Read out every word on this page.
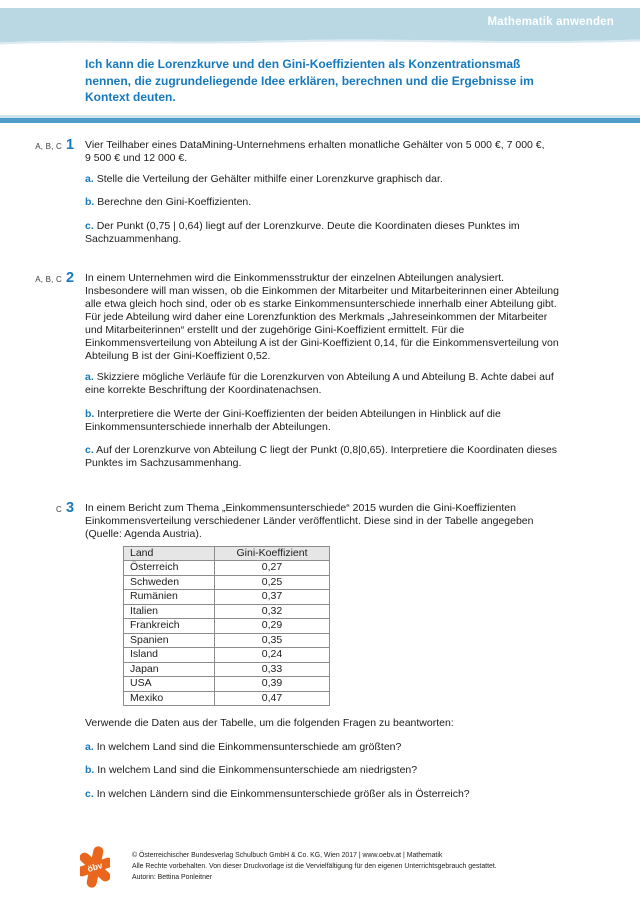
Mathematik anwenden
Ich kann die Lorenzkurve und den Gini-Koeffizienten als Konzentrationsmaß nennen, die zugrundeliegende Idee erklären, berechnen und die Ergebnisse im Kontext deuten.
A, B, C 1	Vier Teilhaber eines DataMining-Unternehmens erhalten monatliche Gehälter von 5 000 €‬, 7 000 €, 9 500 € und 12 000 €.

a. Stelle die Verteilung der Gehälter mithilfe einer Lorenzkurve graphisch dar.

b. Berechne den Gini-Koeffizienten.

c. Der Punkt (0,75 | 0,64) liegt auf der Lorenzkurve. Deute die Koordinaten dieses Punktes im Sachzuammenhang.

A, B, C 2	In einem Unternehmen wird die Einkommensstruktur der einzelnen Abteilungen analysiert. Insbesondere will man wissen, ob die Einkommen der Mitarbeiter und Mitarbeiterinnen einer Abteilung alle etwa gleich hoch sind, oder ob es starke Einkommensunterschiede innerhalb einer Abteilung gibt. Für jede Abteilung wird daher eine Lorenzfunktion des Merkmals „Jahreseinkommen der Mitarbeiter und Mitarbeiterinnen“ erstellt und der zugehörige Gini-Koeffizient ermittelt. Für die Einkommensverteilung von Abteilung A ist der Gini-Koeffizient 0,14, für die Einkommensverteilung von Abteilung B ist der Gini-Koeffizient 0,52.

a. Skizziere mögliche Verläufe für die Lorenzkurven von Abteilung A und Abteilung B. Achte dabei auf eine korrekte Beschriftung der Koordinatenachsen.

b. Interpretiere die Werte der Gini-Koeffizienten der beiden Abteilungen in Hinblick auf die Einkommensunterschiede innerhalb der Abteilungen.

c. Auf der Lorenzkurve von Abteilung C liegt der Punkt (0,8|0,65). Interpretiere die Koordinaten dieses Punktes im Sachzusammenhang.

C 3	In einem Bericht zum Thema „Einkommensunterschiede“ 2015 wurden die Gini-Koeffizienten Einkommensverteilung verschiedener Länder veröffentlicht. Diese sind in der Tabelle angegeben (Quelle: Agenda Austria).

Land	Gini-Koeffizient
Österreich	0,27
Schweden	0,25
Rumänien	0,37
Italien	0,32
Frankreich	0,29
Spanien	0,35
Island	0,24
Japan	0,33
USA	0,39
Mexiko	0,47

Verwende die Daten aus der Tabelle, um die folgenden Fragen zu beantworten:

a. In welchem Land sind die Einkommensunterschiede am größten?

b. In welchem Land sind die Einkommensunterschiede am niedrigsten?

c. In welchen Ländern sind die Einkommensunterschiede größer als in Österreich?

öbv
© Österreichischer Bundesverlag Schulbuch GmbH & Co. KG, Wien 2017 | www.oebv.at | Mathematik
Alle Rechte vorbehalten. Von dieser Druckvorlage ist die Vervielfältigung für den eigenen Unterrichtsgebrauch gestattet.
Autorin: Bettina Ponleitner
